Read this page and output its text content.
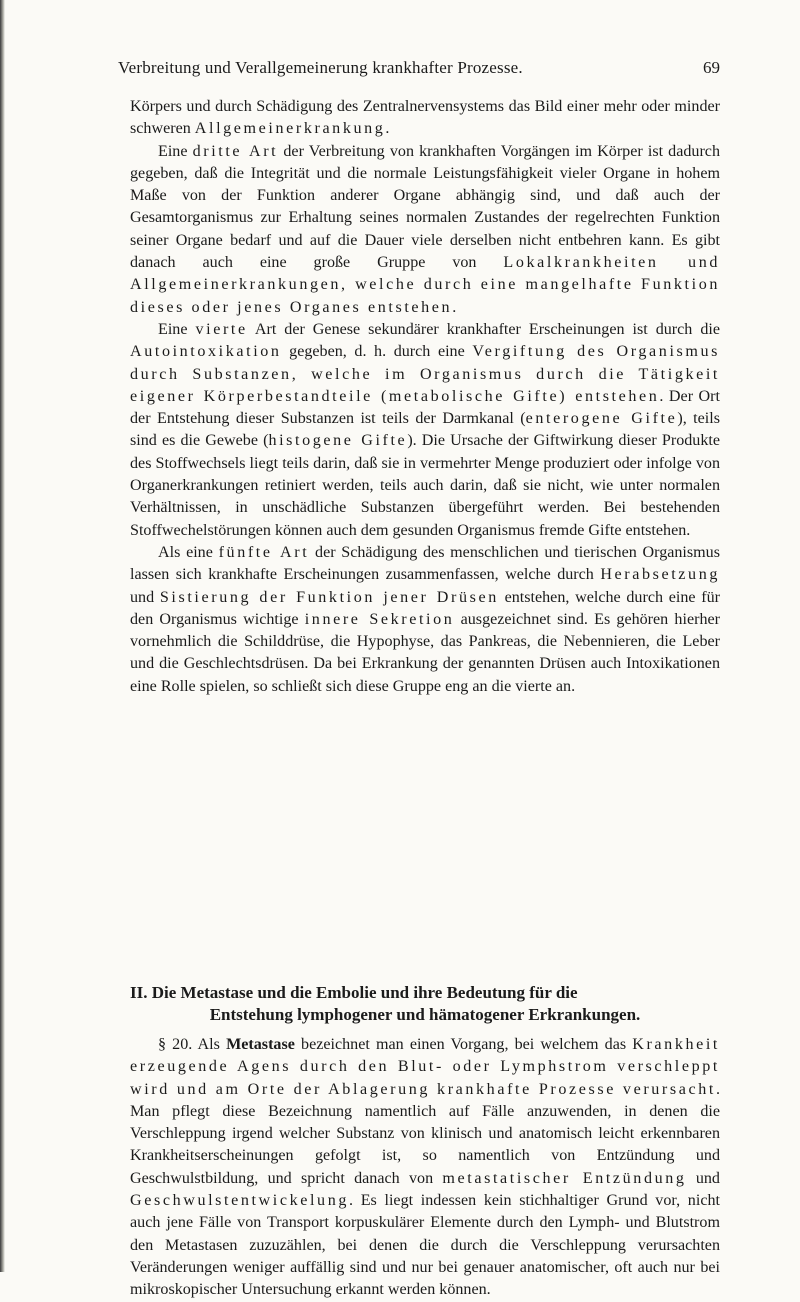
Verbreitung und Verallgemeinerung krankhafter Prozesse.	69

Körpers und durch Schädigung des Zentralnervensystems das Bild einer mehr oder minder schweren Allgemeinerkrankung.

Eine dritte Art der Verbreitung von krankhaften Vorgängen im Körper ist dadurch gegeben, daß die Integrität und die normale Leistungsfähigkeit vieler Organe in hohem Maße von der Funktion anderer Organe abhängig sind, und daß auch der Gesamtorganismus zur Erhaltung seines normalen Zustandes der regelrechten Funktion seiner Organe bedarf und auf die Dauer viele derselben nicht entbehren kann. Es gibt danach auch eine große Gruppe von Lokalkrankheiten und Allgemeinerkrankungen, welche durch eine mangelhafte Funktion dieses oder jenes Organes entstehen.

Eine vierte Art der Genese sekundärer krankhafter Erscheinungen ist durch die Autointoxikation gegeben, d. h. durch eine Vergiftung des Organismus durch Substanzen, welche im Organismus durch die Tätigkeit eigener Körperbestandteile (metabolische Gifte) entstehen. Der Ort der Entstehung dieser Substanzen ist teils der Darmkanal (enterogene Gifte), teils sind es die Gewebe (histogene Gifte). Die Ursache der Giftwirkung dieser Produkte des Stoffwechsels liegt teils darin, daß sie in vermehrter Menge produziert oder infolge von Organerkrankungen retiniert werden, teils auch darin, daß sie nicht, wie unter normalen Verhältnissen, in unschädliche Substanzen übergeführt werden. Bei bestehenden Stoffwechelstörungen können auch dem gesunden Organismus fremde Gifte entstehen.

Als eine fünfte Art der Schädigung des menschlichen und tierischen Organismus lassen sich krankhafte Erscheinungen zusammenfassen, welche durch Herabsetzung und Sistierung der Funktion jener Drüsen entstehen, welche durch eine für den Organismus wichtige innere Sekretion ausgezeichnet sind. Es gehören hierher vornehmlich die Schilddrüse, die Hypophyse, das Pankreas, die Nebennieren, die Leber und die Geschlechtsdrüsen. Da bei Erkrankung der genannten Drüsen auch Intoxikationen eine Rolle spielen, so schließt sich diese Gruppe eng an die vierte an.

II. Die Metastase und die Embolie und ihre Bedeutung für die
Entstehung lymphogener und hämatogener Erkrankungen.

§ 20. Als Metastase bezeichnet man einen Vorgang, bei welchem das Krankheit erzeugende Agens durch den Blut- oder Lymphstrom verschleppt wird und am Orte der Ablagerung krankhafte Prozesse verursacht. Man pflegt diese Bezeichnung namentlich auf Fälle anzuwenden, in denen die Verschleppung irgend welcher Substanz von klinisch und anatomisch leicht erkennbaren Krankheitserscheinungen gefolgt ist, so namentlich von Entzündung und Geschwulstbildung, und spricht danach von metastatischer Entzündung und Geschwulstentwickelung. Es liegt indessen kein stichhaltiger Grund vor, nicht auch jene Fälle von Transport korpuskulärer Elemente durch den Lymph- und Blutstrom den Metastasen zuzuzählen, bei denen die durch die Verschleppung verursachten Veränderungen weniger auffällig sind und nur bei genauer anatomischer, oft auch nur bei mikroskopischer Untersuchung erkannt werden können.
